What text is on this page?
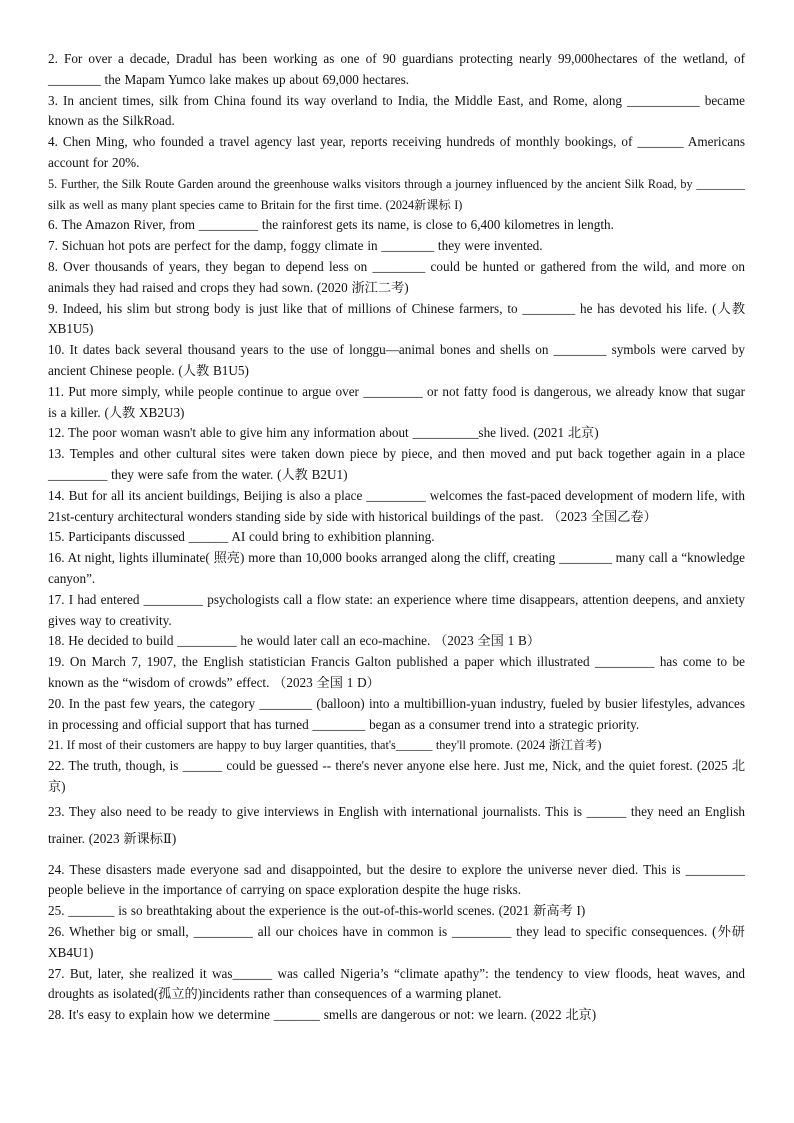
2. For over a decade, Dradul has been working as one of 90 guardians protecting nearly 99,000hectares of the wetland, of ________ the Mapam Yumco lake makes up about 69,000 hectares.

3. In ancient times, silk from China found its way overland to India, the Middle East, and Rome, along ___________ became known as the SilkRoad.

4. Chen Ming, who founded a travel agency last year, reports receiving hundreds of monthly bookings, of _______ Americans account for 20%.

5. Further, the Silk Route Garden around the greenhouse walks visitors through a journey influenced by the ancient Silk Road, by ________ silk as well as many plant species came to Britain for the first time. (2024新课标 I)

6. The Amazon River, from _________ the rainforest gets its name, is close to 6,400 kilometres in length.

7. Sichuan hot pots are perfect for the damp, foggy climate in ________ they were invented.

8. Over thousands of years, they began to depend less on ________ could be hunted or gathered from the wild, and more on animals they had raised and crops they had sown. (2020 浙江二考)

9. Indeed, his slim but strong body is just like that of millions of Chinese farmers, to ________ he has devoted his life. (人教 XB1U5)

10. It dates back several thousand years to the use of longgu—animal bones and shells on ________ symbols were carved by ancient Chinese people. (人教 B1U5)

11. Put more simply, while people continue to argue over _________ or not fatty food is dangerous, we already know that sugar is a killer. (人教 XB2U3)

12. The poor woman wasn't able to give him any information about __________she lived. (2021 北京)

13. Temples and other cultural sites were taken down piece by piece, and then moved and put back together again in a place _________ they were safe from the water. (人教 B2U1)

14. But for all its ancient buildings, Beijing is also a place _________ welcomes the fast-paced development of modern life, with 21st-century architectural wonders standing side by side with historical buildings of the past. （2023 全国乙卷）

15. Participants discussed ______ AI could bring to exhibition planning.

16. At night, lights illuminate( 照亮) more than 10,000 books arranged along the cliff, creating ________ many call a “knowledge canyon”.

17. I had entered _________ psychologists call a flow state: an experience where time disappears, attention deepens, and anxiety gives way to creativity.

18. He decided to build _________ he would later call an eco-machine. （2023 全国 1 B）

19. On March 7, 1907, the English statistician Francis Galton published a paper which illustrated _________ has come to be known as the “wisdom of crowds” effect. （2023 全国 1 D）

20. In the past few years, the category ________ (balloon) into a multibillion-yuan industry, fueled by busier lifestyles, advances in processing and official support that has turned ________ began as a consumer trend into a strategic priority.

21. If most of their customers are happy to buy larger quantities, that's______ they'll promote. (2024 浙江首考)

22. The truth, though, is ______ could be guessed -- there's never anyone else here. Just me, Nick, and the quiet forest. (2025 北京)

23. They also need to be ready to give interviews in English with international journalists. This is ______ they need an English trainer. (2023 新课标Ⅱ)

24. These disasters made everyone sad and disappointed, but the desire to explore the universe never died. This is _________ people believe in the importance of carrying on space exploration despite the huge risks.

25. _______ is so breathtaking about the experience is the out-of-this-world scenes. (2021 新高考 I)

26. Whether big or small, _________ all our choices have in common is _________ they lead to specific consequences. (外研 XB4U1)

27. But, later, she realized it was______ was called Nigeria’s “climate apathy”: the tendency to view floods, heat waves, and droughts as isolated(孤立的)incidents rather than consequences of a warming planet.

28. It's easy to explain how we determine _______ smells are dangerous or not: we learn. (2022 北京)
